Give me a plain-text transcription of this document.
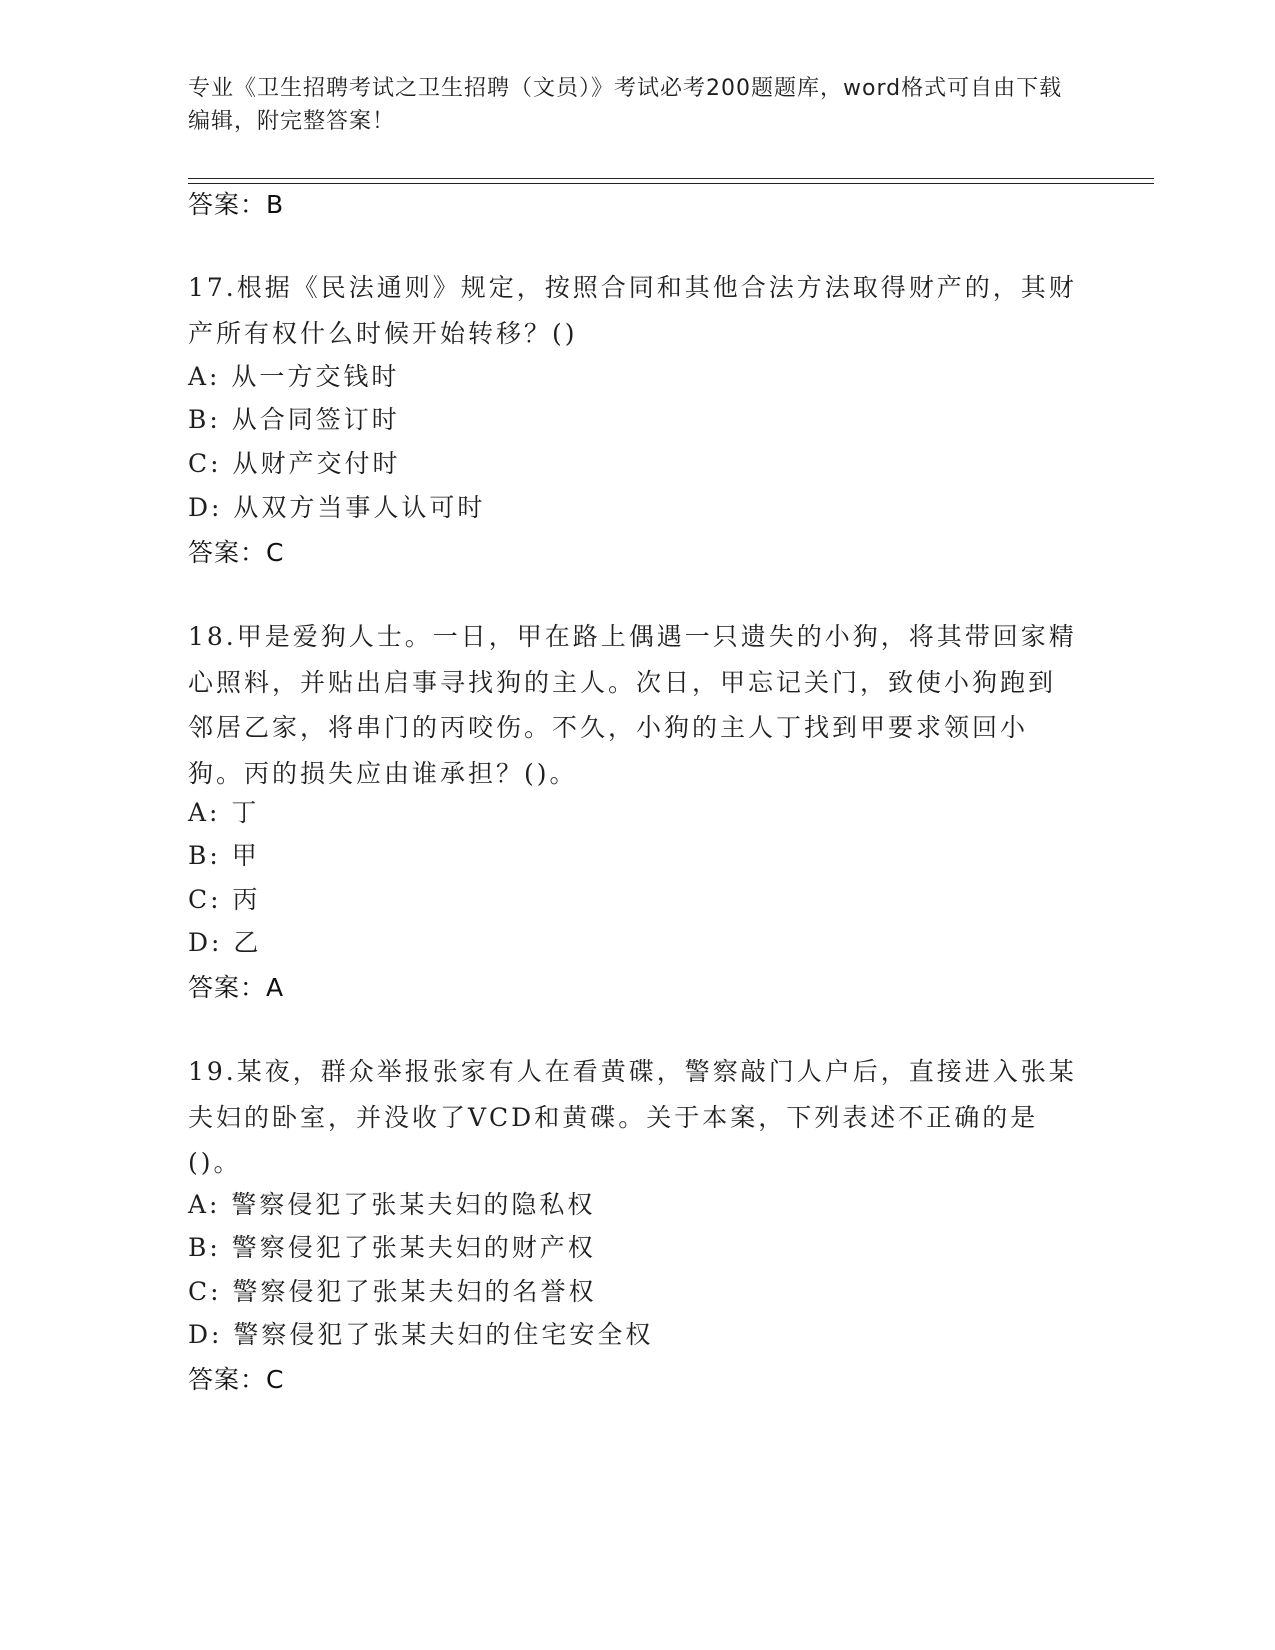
专业《卫生招聘考试之卫生招聘（文员）》考试必考200题题库，word格式可自由下载编辑，附完整答案！
答案：B
17.根据《民法通则》规定，按照合同和其他合法方法取得财产的，其财产所有权什么时候开始转移？()
A: 从一方交钱时
B: 从合同签订时
C: 从财产交付时
D: 从双方当事人认可时
答案：C
18.甲是爱狗人士。一日，甲在路上偶遇一只遗失的小狗，将其带回家精心照料，并贴出启事寻找狗的主人。次日，甲忘记关门，致使小狗跑到邻居乙家，将串门的丙咬伤。不久，小狗的主人丁找到甲要求领回小狗。丙的损失应由谁承担？()。
A: 丁
B: 甲
C: 丙
D: 乙
答案：A
19.某夜，群众举报张家有人在看黄碟，警察敲门人户后，直接进入张某夫妇的卧室，并没收了VCD和黄碟。关于本案，下列表述不正确的是()。
A: 警察侵犯了张某夫妇的隐私权
B: 警察侵犯了张某夫妇的财产权
C: 警察侵犯了张某夫妇的名誉权
D: 警察侵犯了张某夫妇的住宅安全权
答案：C
